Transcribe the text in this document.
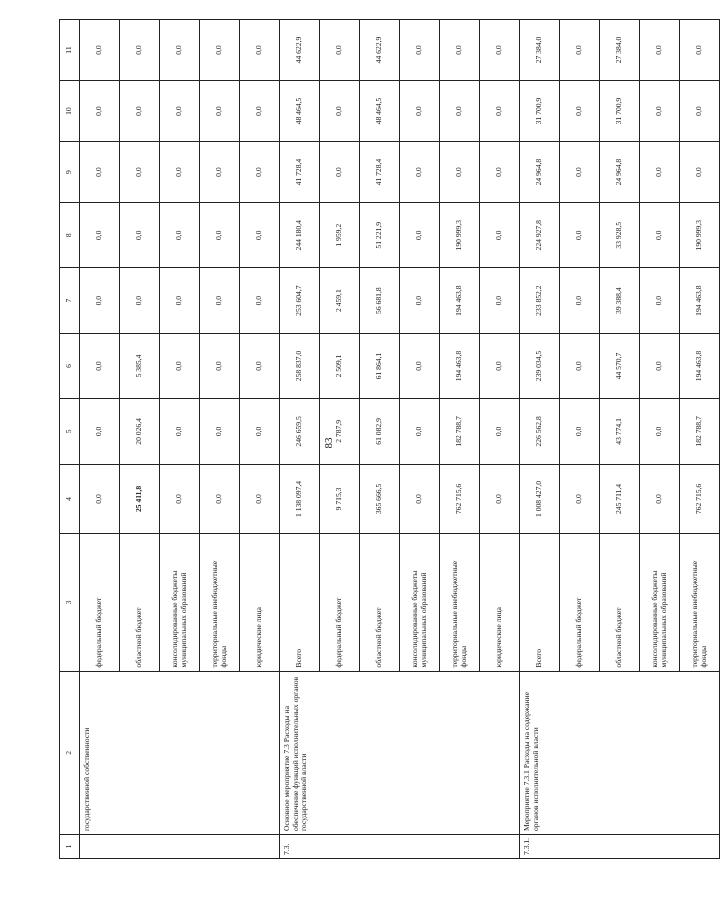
83
1	2	3	4	5	6	7	8	9	10	11
	государственной собственности	федеральный бюджет	0,0	0,0	0,0	0,0	0,0	0,0	0,0	0,0
		областной бюджет	25 411,8	20 026,4	5 385,4	0,0	0,0	0,0	0,0	0,0
		консолидированные бюджеты муниципальных образований	0,0	0,0	0,0	0,0	0,0	0,0	0,0	0,0
		территориальные внебюджетные фонды	0,0	0,0	0,0	0,0	0,0	0,0	0,0	0,0
		юридические лица	0,0	0,0	0,0	0,0	0,0	0,0	0,0	0,0
7.3.	Основное мероприятие 7.3 Расходы на обеспечение функций исполнительных органов государственной власти	Всего	1 138 097,4	246 659,5	258 837,0	253 604,7	244 180,4	41 728,4	48 464,5	44 622,9
		федеральный бюджет	9 715,3	2 787,9	2 509,1	2 459,1	1 959,2	0,0	0,0	0,0
		областной бюджет	365 666,5	61 082,9	61 864,1	56 681,8	51 221,9	41 728,4	48 464,5	44 622,9
		консолидированные бюджеты муниципальных образований	0,0	0,0	0,0	0,0	0,0	0,0	0,0	0,0
		территориальные внебюджетные фонды	762 715,6	182 788,7	194 463,8	194 463,8	190 999,3	0,0	0,0	0,0
		юридические лица	0,0	0,0	0,0	0,0	0,0	0,0	0,0	0,0
7.3.1.	Мероприятие 7.3.1 Расходы на содержание органов исполнительной власти	Всего	1 008 427,0	226 562,8	239 034,5	233 852,2	224 927,8	24 964,8	31 700,9	27 384,0
		федеральный бюджет	0,0	0,0	0,0	0,0	0,0	0,0	0,0	0,0
		областной бюджет	245 711,4	43 774,1	44 570,7	39 388,4	33 928,5	24 964,8	31 700,9	27 384,0
		консолидированные бюджеты муниципальных образований	0,0	0,0	0,0	0,0	0,0	0,0	0,0	0,0
		территориальные внебюджетные фонды	762 715,6	182 788,7	194 463,8	194 463,8	190 999,3	0,0	0,0	0,0
